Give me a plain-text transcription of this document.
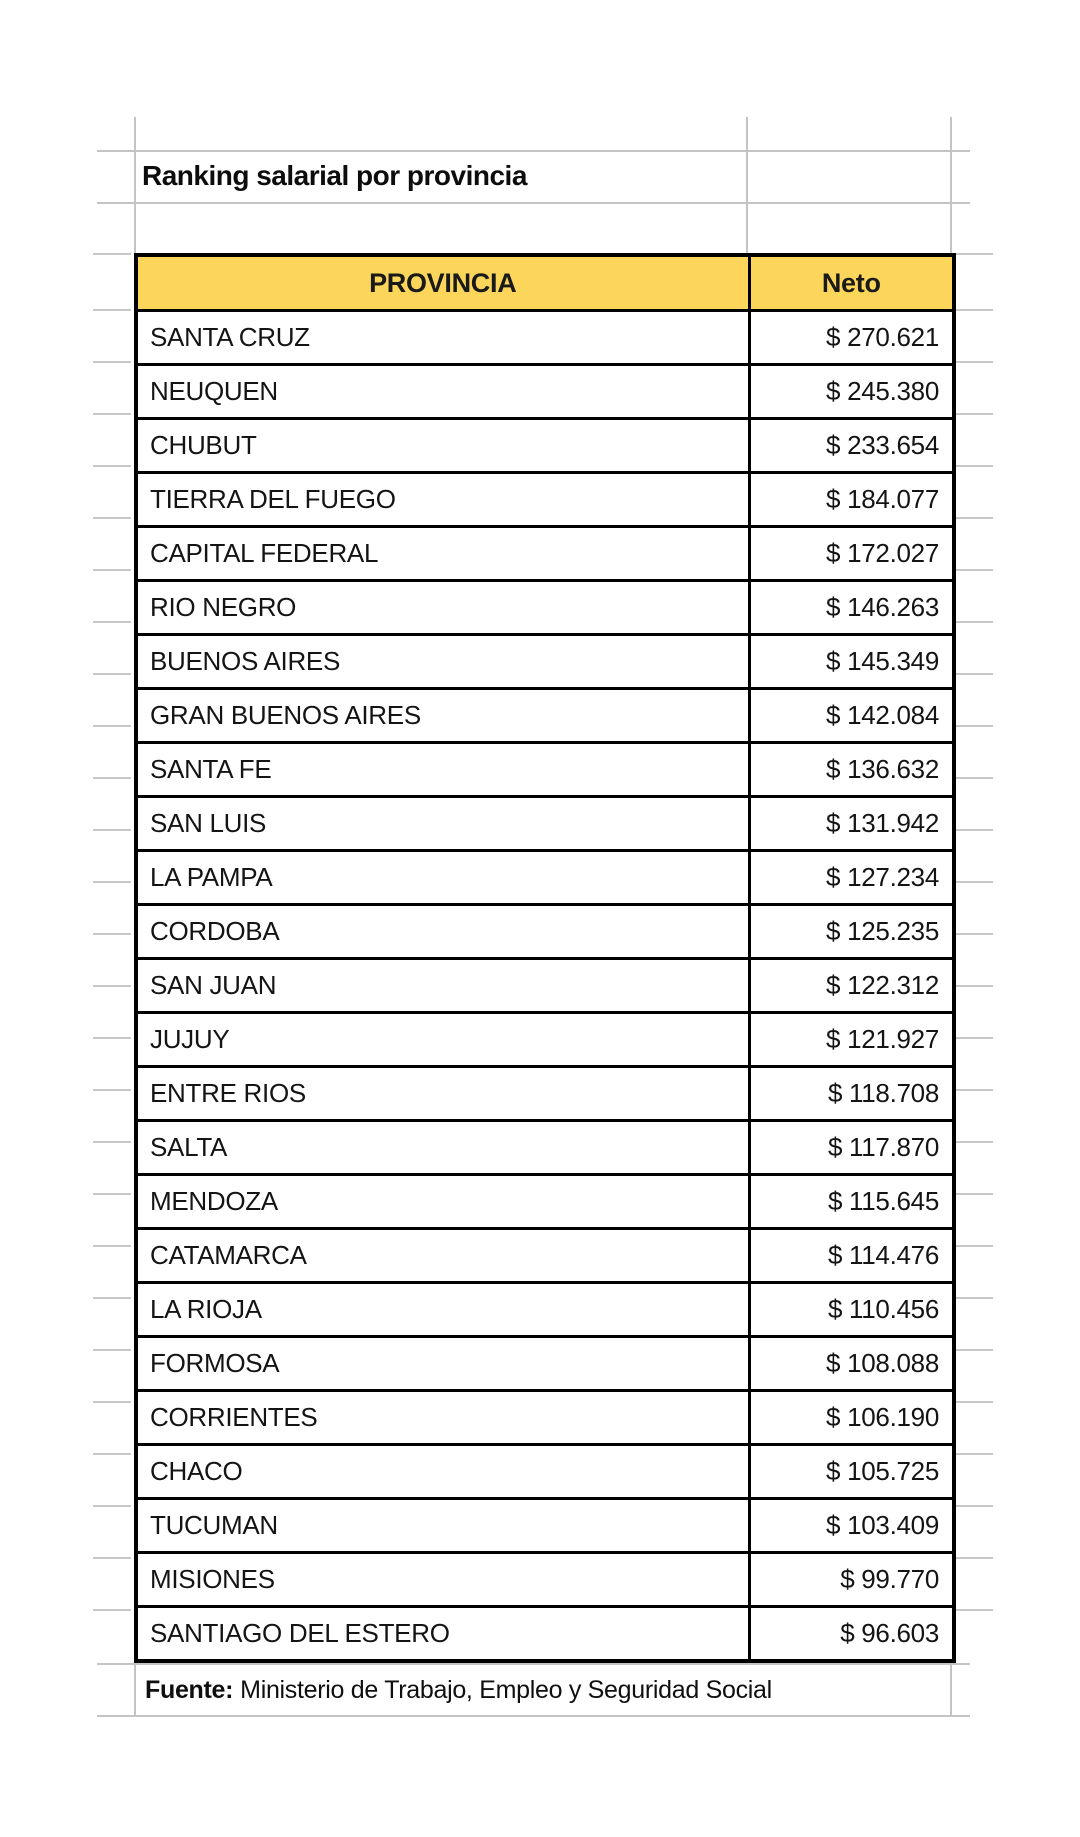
Ranking salarial por provincia
PROVINCIA	Neto
SANTA CRUZ	$ 270.621
NEUQUEN	$ 245.380
CHUBUT	$ 233.654
TIERRA DEL FUEGO	$ 184.077
CAPITAL FEDERAL	$ 172.027
RIO NEGRO	$ 146.263
BUENOS AIRES	$ 145.349
GRAN BUENOS AIRES	$ 142.084
SANTA FE	$ 136.632
SAN LUIS	$ 131.942
LA PAMPA	$ 127.234
CORDOBA	$ 125.235
SAN JUAN	$ 122.312
JUJUY	$ 121.927
ENTRE RIOS	$ 118.708
SALTA	$ 117.870
MENDOZA	$ 115.645
CATAMARCA	$ 114.476
LA RIOJA	$ 110.456
FORMOSA	$ 108.088
CORRIENTES	$ 106.190
CHACO	$ 105.725
TUCUMAN	$ 103.409
MISIONES	$ 99.770
SANTIAGO DEL ESTERO	$ 96.603
Fuente: Ministerio de Trabajo, Empleo y Seguridad Social
